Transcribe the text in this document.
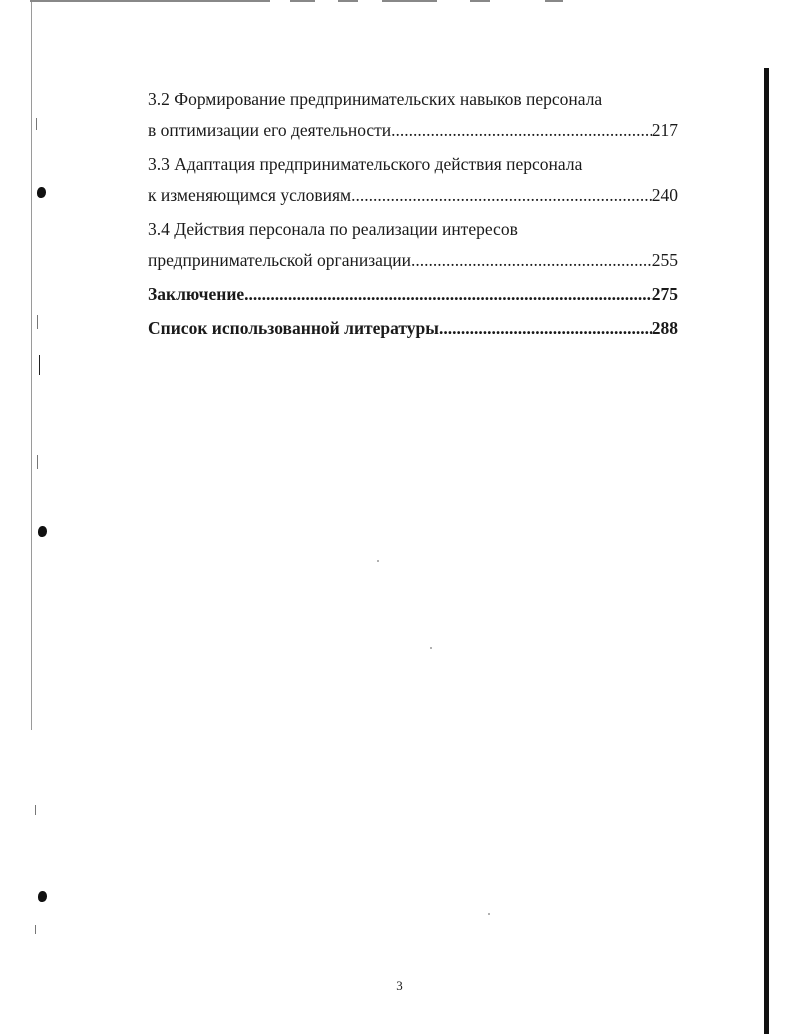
3.2 Формирование предпринимательских навыков персонала
в оптимизации его деятельности .....	217
3.3 Адаптация предпринимательского действия персонала
к изменяющимся условиям .....	240
3.4 Действия персонала по реализации интересов
предпринимательской организации .....	255
Заключение .....	275
Список использованной литературы .....	288
3
